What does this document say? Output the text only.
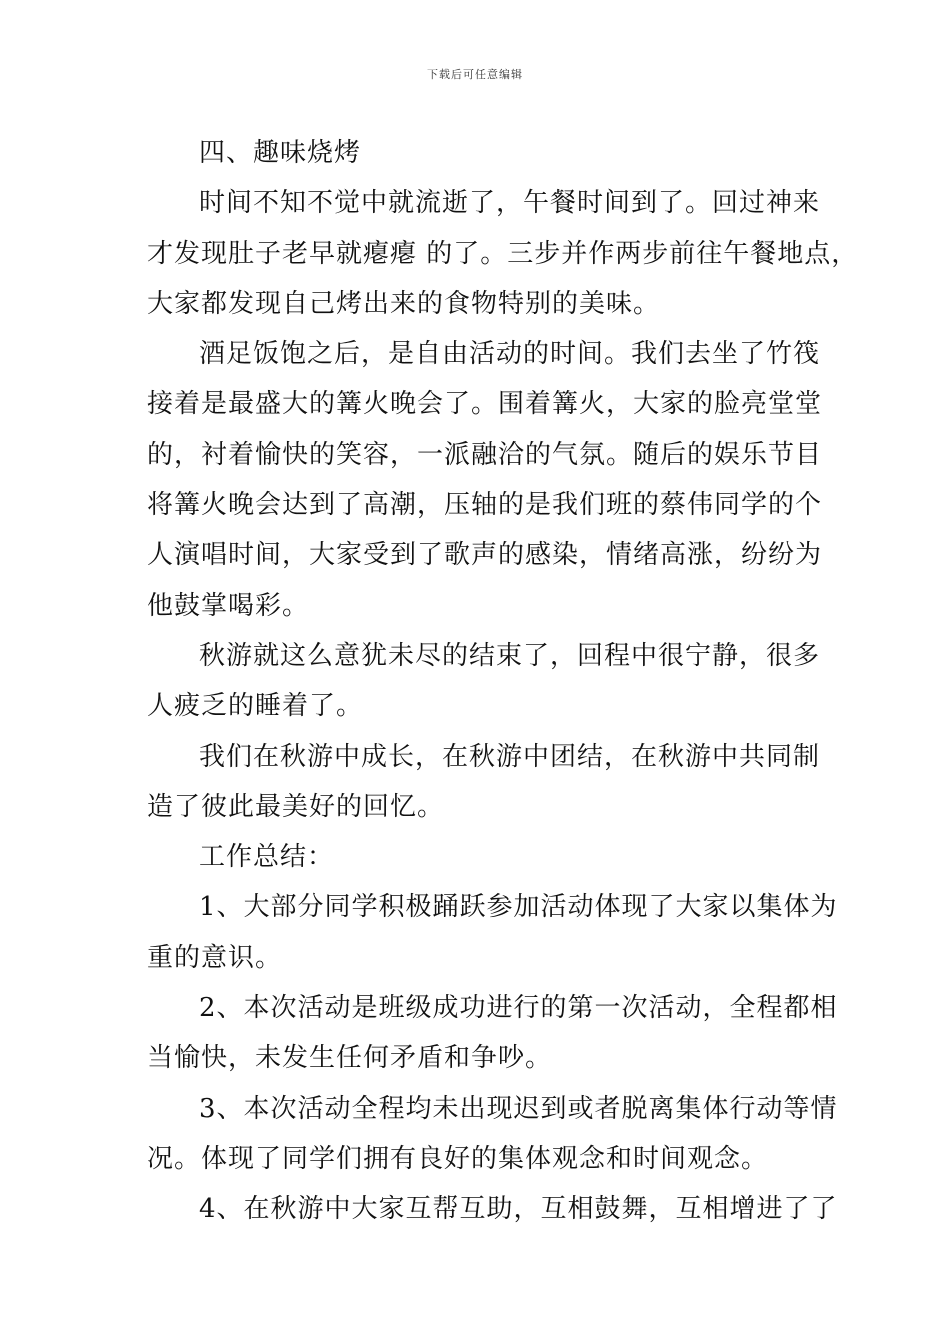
下载后可任意编辑
四、趣味烧烤
时间不知不觉中就流逝了，午餐时间到了。回过神来
才发现肚子老早就瘪瘪 的了。三步并作两步前往午餐地点，
大家都发现自己烤出来的食物特别的美味。
酒足饭饱之后，是自由活动的时间。我们去坐了竹筏
接着是最盛大的篝火晚会了。围着篝火，大家的脸亮堂堂
的，衬着愉快的笑容，一派融洽的气氛。随后的娱乐节目
将篝火晚会达到了高潮，压轴的是我们班的蔡伟同学的个
人演唱时间，大家受到了歌声的感染，情绪高涨，纷纷为
他鼓掌喝彩。
秋游就这么意犹未尽的结束了，回程中很宁静，很多
人疲乏的睡着了。
我们在秋游中成长，在秋游中团结，在秋游中共同制
造了彼此最美好的回忆。
工作总结：
1、大部分同学积极踊跃参加活动体现了大家以集体为
重的意识。
2、本次活动是班级成功进行的第一次活动，全程都相
当愉快，未发生任何矛盾和争吵。
3、本次活动全程均未出现迟到或者脱离集体行动等情
况。体现了同学们拥有良好的集体观念和时间观念。
4、在秋游中大家互帮互助，互相鼓舞，互相增进了了
